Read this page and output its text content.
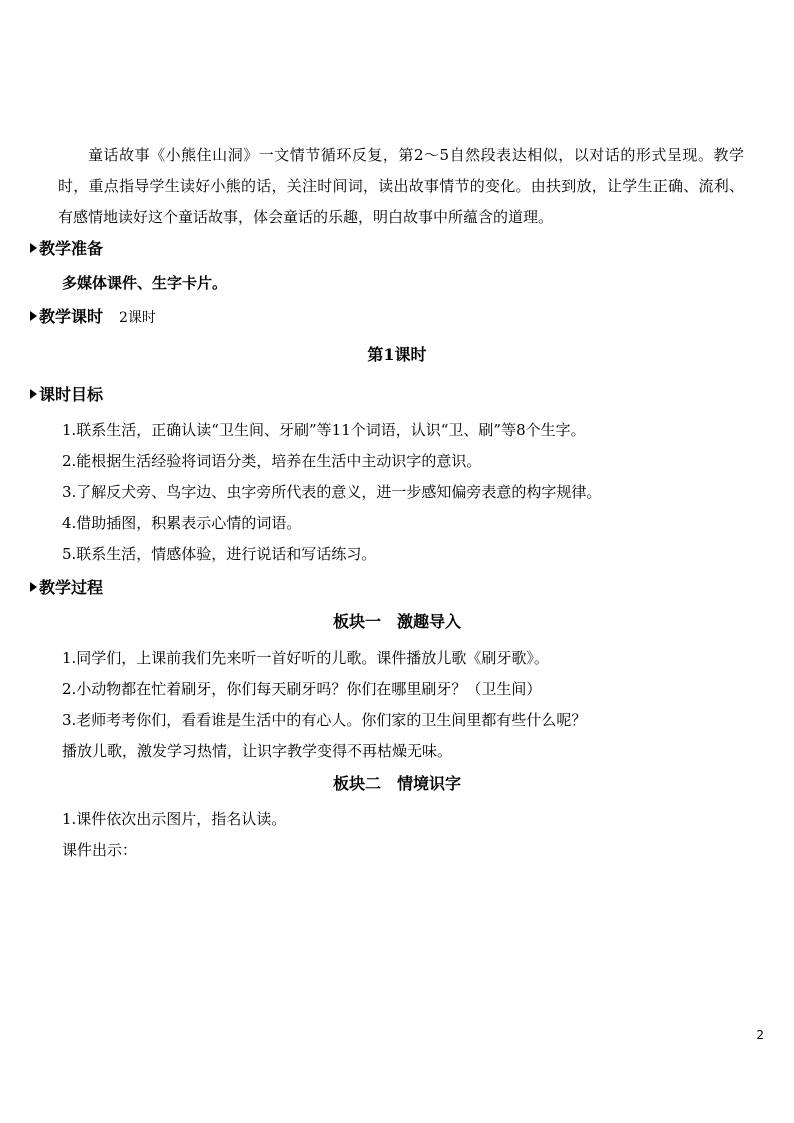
童话故事《小熊住山洞》一文情节循环反复，第2～5自然段表达相似，以对话的形式呈现。教学时，重点指导学生读好小熊的话，关注时间词，读出故事情节的变化。由扶到放，让学生正确、流利、有感情地读好这个童话故事，体会童话的乐趣，明白故事中所蕴含的道理。
教学准备
多媒体课件、生字卡片。
教学课时 2课时
第1课时
课时目标
1.联系生活，正确认读“卫生间、牙刷”等11个词语，认识“卫、刷”等8个生字。
2.能根据生活经验将词语分类，培养在生活中主动识字的意识。
3.了解反犬旁、鸟字边、虫字旁所代表的意义，进一步感知偏旁表意的构字规律。
4.借助插图，积累表示心情的词语。
5.联系生活，情感体验，进行说话和写话练习。
教学过程
板块一　激趣导入
1.同学们，上课前我们先来听一首好听的儿歌。课件播放儿歌《刷牙歌》。
2.小动物都在忙着刷牙，你们每天刷牙吗？你们在哪里刷牙？（卫生间）
3.老师考考你们，看看谁是生活中的有心人。你们家的卫生间里都有些什么呢？
播放儿歌，激发学习热情，让识字教学变得不再枯燥无味。
板块二　情境识字
1.课件依次出示图片，指名认读。
课件出示：
2
